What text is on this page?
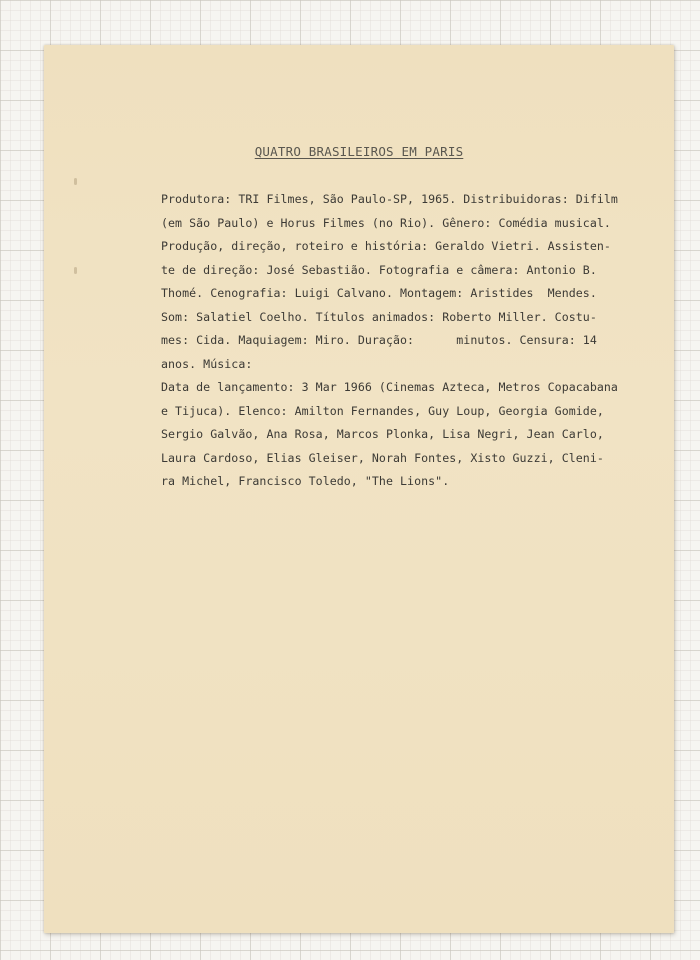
QUATRO BRASILEIROS EM PARIS
Produtora: TRI Filmes, São Paulo-SP, 1965. Distribuidoras: Difilm
(em São Paulo) e Horus Filmes (no Rio). Gênero: Comédia musical.
Produção, direção, roteiro e história: Geraldo Vietri. Assisten-
te de direção: José Sebastião. Fotografia e câmera: Antonio B.
Thomé. Cenografia: Luigi Calvano. Montagem: Aristides  Mendes.
Som: Salatiel Coelho. Títulos animados: Roberto Miller. Costu-
mes: Cida. Maquiagem: Miro. Duração:      minutos. Censura: 14
anos. Música:
Data de lançamento: 3 Mar 1966 (Cinemas Azteca, Metros Copacabana
e Tijuca). Elenco: Amilton Fernandes, Guy Loup, Georgia Gomide,
Sergio Galvão, Ana Rosa, Marcos Plonka, Lisa Negri, Jean Carlo,
Laura Cardoso, Elias Gleiser, Norah Fontes, Xisto Guzzi, Cleni-
ra Michel, Francisco Toledo, "The Lions".
